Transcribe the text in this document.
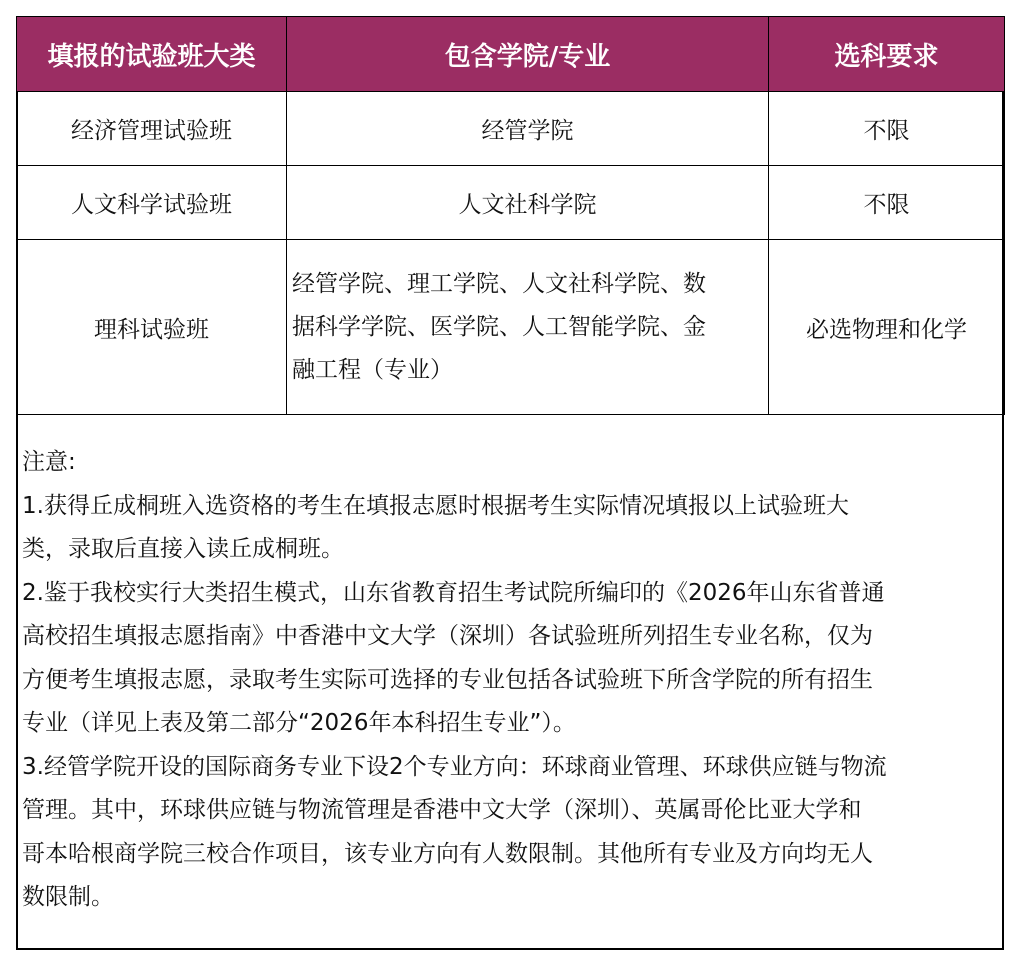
填报的试验班大类	包含学院/专业	选科要求
经济管理试验班	经管学院	不限
人文科学试验班	人文社科学院	不限
理科试验班	经管学院、理工学院、人文社科学院、数
据科学学院、医学院、人工智能学院、金
融工程（专业）	必选物理和化学

注意:

1.获得丘成桐班入选资格的考生在填报志愿时根据考生实际情况填报以上试验班大

类，录取后直接入读丘成桐班。

2.鉴于我校实行大类招生模式，山东省教育招生考试院所编印的《2026年山东省普通

高校招生填报志愿指南》中香港中文大学（深圳）各试验班所列招生专业名称，仅为

方便考生填报志愿，录取考生实际可选择的专业包括各试验班下所含学院的所有招生

专业（详见上表及第二部分“2026年本科招生专业”）。

3.经管学院开设的国际商务专业下设2个专业方向：环球商业管理、环球供应链与物流

管理。其中，环球供应链与物流管理是香港中文大学（深圳）、英属哥伦比亚大学和

哥本哈根商学院三校合作项目，该专业方向有人数限制。其他所有专业及方向均无人

数限制。
